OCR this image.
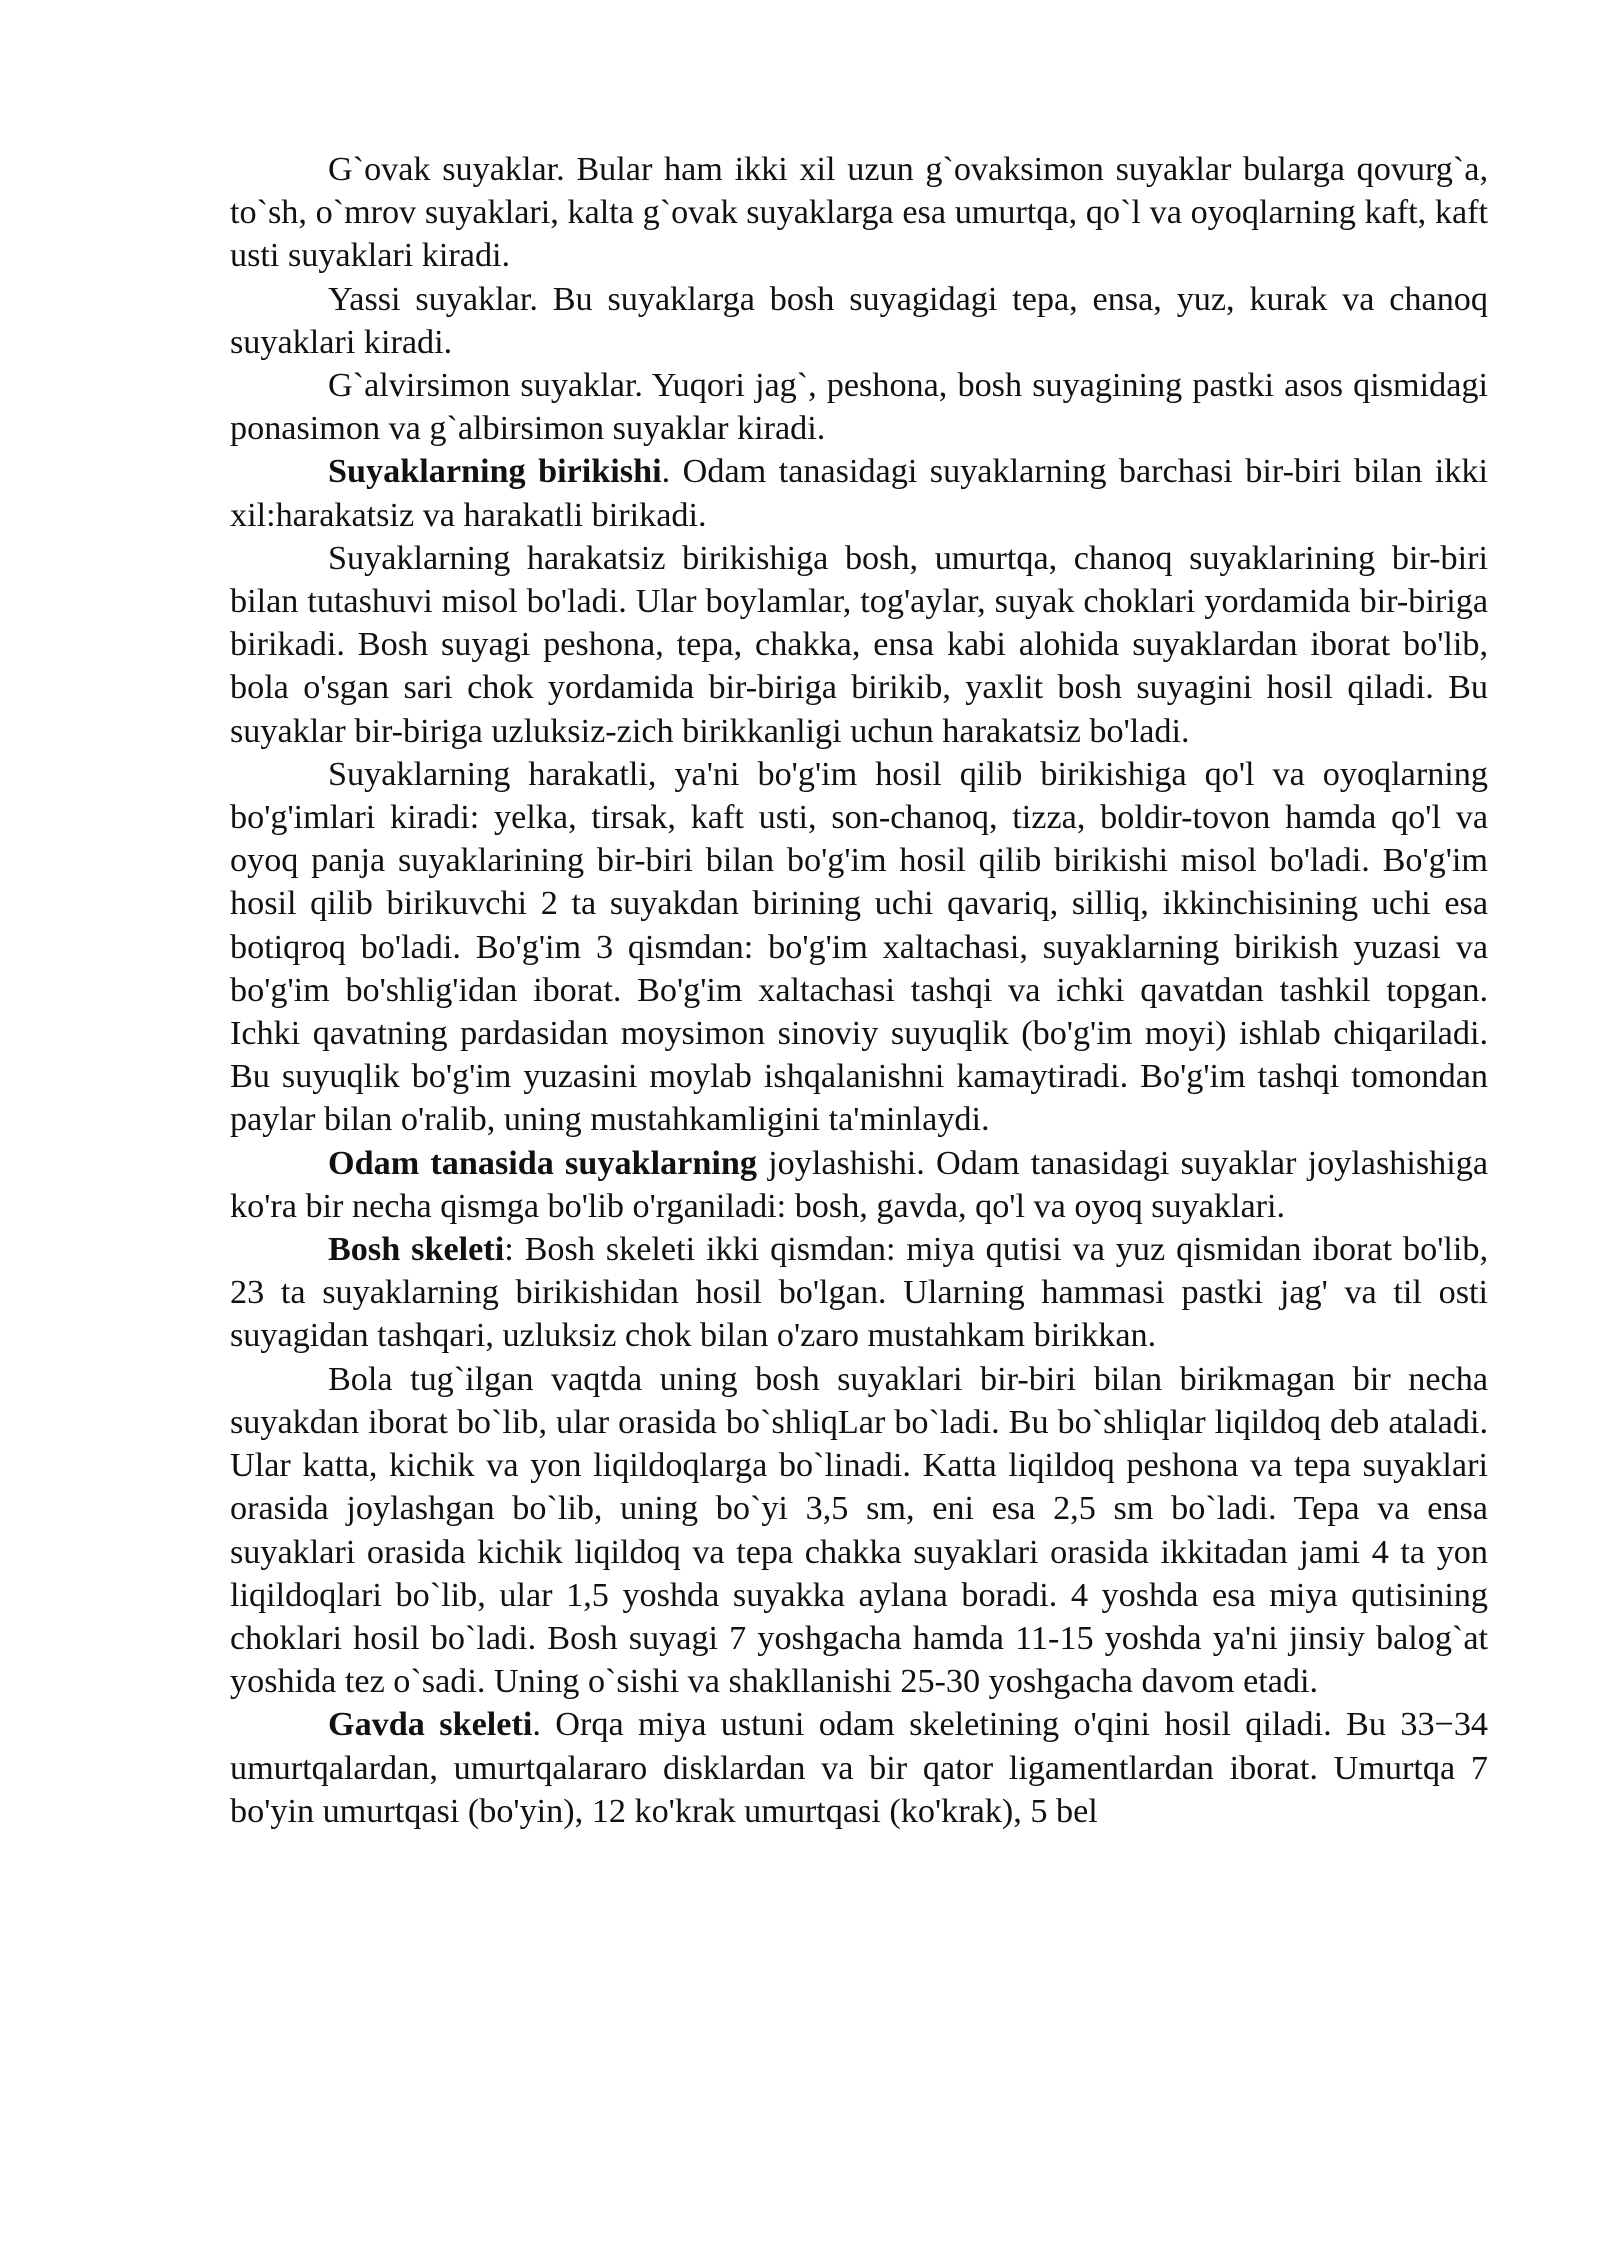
G`ovak suyaklar. Bular ham ikki xil uzun g`ovaksimon suyaklar bularga qovurg`a, to`sh, o`mrov suyaklari, kalta g`ovak suyaklarga esa umurtqa, qo`l va oyoqlarning kaft, kaft usti suyaklari kiradi.

Yassi suyaklar. Bu suyaklarga bosh suyagidagi tepa, ensa, yuz, kurak va chanoq suyaklari kiradi.

G`alvirsimon suyaklar. Yuqori jag`, peshona, bosh suyagining pastki asos qismidagi ponasimon va g`albirsimon suyaklar kiradi.

Suyaklarning birikishi. Odam tanasidagi suyaklarning barchasi bir-biri bilan ikki xil:harakatsiz va harakatli birikadi.

Suyaklarning harakatsiz birikishiga bosh, umurtqa, chanoq suyaklarining bir-biri bilan tutashuvi misol bo'ladi. Ular boylamlar, tog'aylar, suyak choklari yordamida bir-biriga birikadi. Bosh suyagi peshona, tepa, chakka, ensa kabi alohida suyaklardan iborat bo'lib, bola o'sgan sari chok yordamida bir-biriga birikib, yaxlit bosh suyagini hosil qiladi. Bu suyaklar bir-biriga uzluksiz-zich birikkanligi uchun harakatsiz bo'ladi.

Suyaklarning harakatli, ya'ni bo'g'im hosil qilib birikishiga qo'l va oyoqlarning bo'g'imlari kiradi: yelka, tirsak, kaft usti, son-chanoq, tizza, boldir-tovon hamda qo'l va oyoq panja suyaklarining bir-biri bilan bo'g'im hosil qilib birikishi misol bo'ladi. Bo'g'im hosil qilib birikuvchi 2 ta suyakdan birining uchi qavariq, silliq, ikkinchisining uchi esa botiqroq bo'ladi. Bo'g'im 3 qismdan: bo'g'im xaltachasi, suyaklarning birikish yuzasi va bo'g'im bo'shlig'idan iborat. Bo'g'im xaltachasi tashqi va ichki qavatdan tashkil topgan. Ichki qavatning pardasidan moysimon sinoviy suyuqlik (bo'g'im moyi) ishlab chiqariladi. Bu suyuqlik bo'g'im yuzasini moylab ishqalanishni kamaytiradi. Bo'g'im tashqi tomondan paylar bilan o'ralib, uning mustahkamligini ta'minlaydi.

Odam tanasida suyaklarning joylashishi. Odam tanasidagi suyaklar joylashishiga ko'ra bir necha qismga bo'lib o'rganiladi: bosh, gavda, qo'l va oyoq suyaklari.

Bosh skeleti: Bosh skeleti ikki qismdan: miya qutisi va yuz qismidan iborat bo'lib, 23 ta suyaklarning birikishidan hosil bo'lgan. Ularning hammasi pastki jag' va til osti suyagidan tashqari, uzluksiz chok bilan o'zaro mustahkam birikkan.

Bola tug`ilgan vaqtda uning bosh suyaklari bir-biri bilan birikmagan bir necha suyakdan iborat bo`lib, ular orasida bo`shliqLar bo`ladi. Bu bo`shliqlar liqildoq deb ataladi. Ular katta, kichik va yon liqildoqlarga bo`linadi. Katta liqildoq peshona va tepa suyaklari orasida joylashgan bo`lib, uning bo`yi 3,5 sm, eni esa 2,5 sm bo`ladi. Tepa va ensa suyaklari orasida kichik liqildoq va tepa chakka suyaklari orasida ikkitadan jami 4 ta yon liqildoqlari bo`lib, ular 1,5 yoshda suyakka aylana boradi. 4 yoshda esa miya qutisining choklari hosil bo`ladi. Bosh suyagi 7 yoshgacha hamda 11-15 yoshda ya'ni jinsiy balog`at yoshida tez o`sadi. Uning o`sishi va shakllanishi 25-30 yoshgacha davom etadi.

Gavda skeleti. Orqa miya ustuni odam skeletining o'qini hosil qiladi. Bu 33−34 umurtqalardan, umurtqalararo disklardan va bir qator ligamentlardan iborat. Umurtqa 7 bo'yin umurtqasi (bo'yin), 12 ko'krak umurtqasi (ko'krak), 5 bel
